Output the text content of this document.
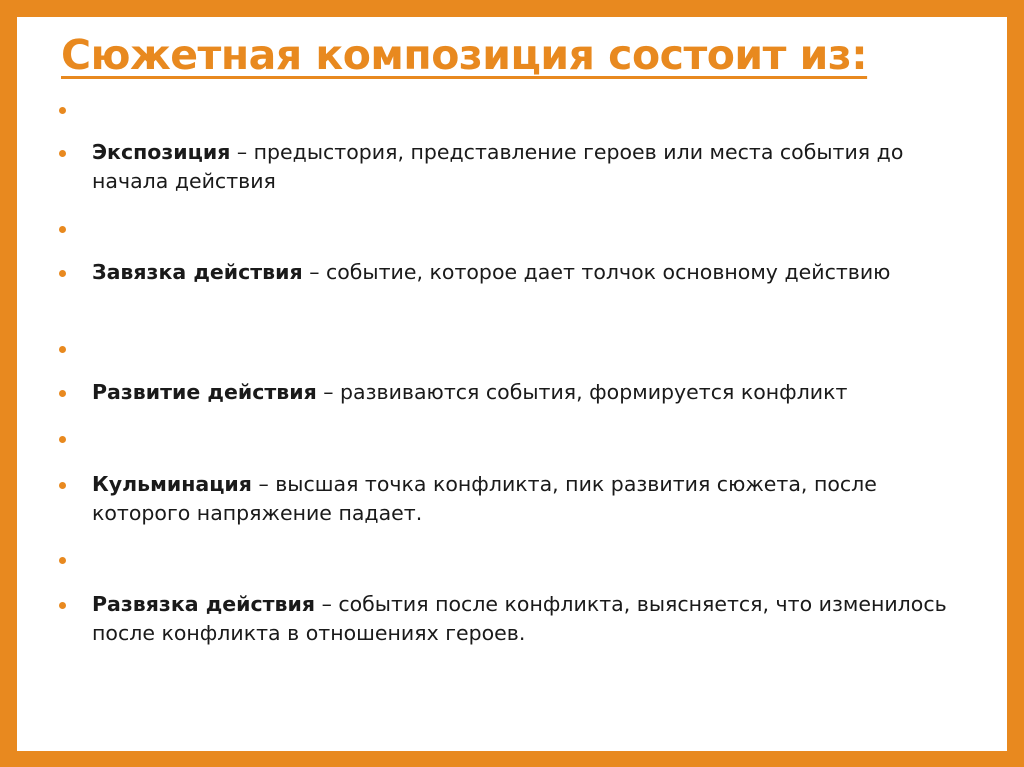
Сюжетная композиция состоит из:
Экспозиция – предыстория, представление героев или места события до начала действия
Завязка действия – событие, которое дает толчок основному действию
Развитие действия – развиваются события, формируется конфликт
Кульминация – высшая точка конфликта, пик развития сюжета, после которого напряжение падает.
Развязка действия – события после конфликта, выясняется, что изменилось после конфликта в отношениях героев.
